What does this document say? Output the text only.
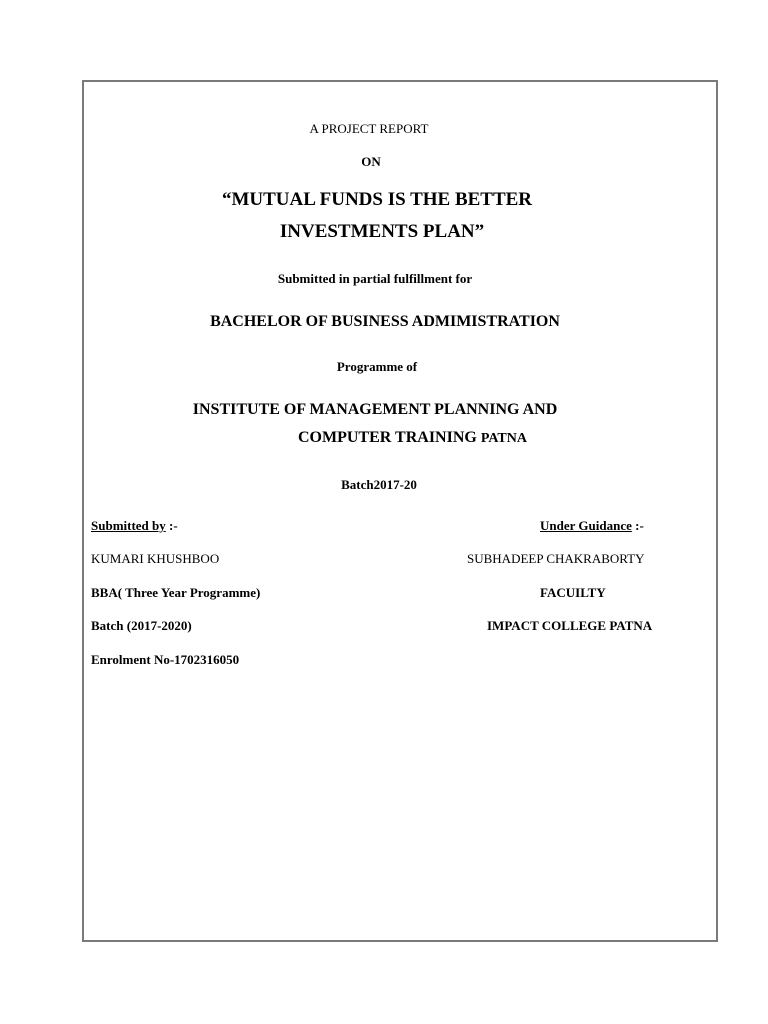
A PROJECT REPORT
ON
“MUTUAL FUNDS IS THE BETTER
INVESTMENTS PLAN”
Submitted in partial fulfillment for
BACHELOR OF BUSINESS ADMIMISTRATION
Programme of
INSTITUTE OF MANAGEMENT PLANNING AND
COMPUTER TRAINING PATNA
Batch2017-20
Submitted by :-
KUMARI KHUSHBOO
BBA( Three Year Programme)
Batch (2017-2020)
Enrolment No-1702316050
Under Guidance :-
SUBHADEEP CHAKRABORTY
FACUILTY
IMPACT COLLEGE PATNA
